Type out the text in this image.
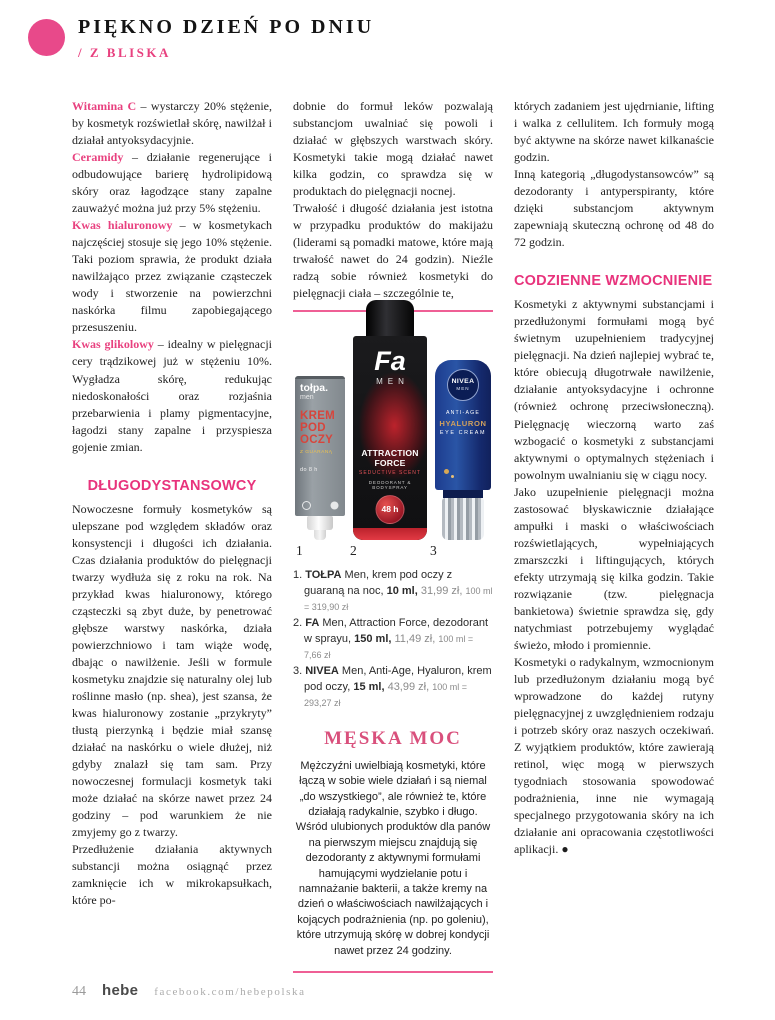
PIĘKNO DZIEŃ PO DNIU
/ Z BLISKA

Witamina C – wystarczy 20% stężenie, by kosmetyk rozświetlał skórę, nawilżał i działał antyoksydacyjnie.

Ceramidy – działanie regenerujące i odbudowujące barierę hydrolipidową skóry oraz łagodzące stany zapalne zauważyć można już przy 5% stężeniu.

Kwas hialuronowy – w kosmetykach najczęściej stosuje się jego 10% stężenie. Taki poziom sprawia, że produkt działa nawilżająco przez związanie cząsteczek wody i stworzenie na powierzchni naskórka filmu zapobiegającego przesuszeniu.

Kwas glikolowy – idealny w pielęgnacji cery trądzikowej już w stężeniu 10%. Wygładza skórę, redukując niedoskonałości oraz rozjaśnia przebarwienia i plamy pigmentacyjne, łagodzi stany zapalne i przyspiesza gojenie zmian.

DŁUGODYSTANSOWCY

Nowoczesne formuły kosmetyków są ulepszane pod względem składów oraz konsystencji i długości ich działania. Czas działania produktów do pielęgnacji twarzy wydłuża się z roku na rok. Na przykład kwas hialuronowy, którego cząsteczki są zbyt duże, by penetrować głębsze warstwy naskórka, działa powierzchniowo i tam wiąże wodę, dbając o nawilżenie. Jeśli w formule kosmetyku znajdzie się naturalny olej lub roślinne masło (np. shea), jest szansa, że kwas hialuronowy zostanie „przykryty” tłustą pierzynką i będzie miał szansę działać na naskórku o wiele dłużej, niż gdyby znalazł się tam sam. Przy nowoczesnej formulacji kosmetyk taki może działać na skórze nawet przez 24 godziny – pod warunkiem że nie zmyjemy go z twarzy.

Przedłużenie działania aktywnych substancji można osiągnąć przez zamknięcie ich w mikrokapsułkach, które po-

dobnie do formuł leków pozwalają substancjom uwalniać się powoli i działać w głębszych warstwach skóry. Kosmetyki takie mogą działać nawet kilka godzin, co sprawdza się w produktach do pielęgnacji nocnej.

Trwałość i długość działania jest istotna w przypadku produktów do makijażu (liderami są pomadki matowe, które mają trwałość nawet do 24 godzin). Nieźle radzą sobie również kosmetyki do pielęgnacji ciała – szczególnie te,

tołpa.
men
KREM
POD
OCZY
Z GUARANĄ
do 8 h
Fa
MEN
ATTRACTION FORCE
SEDUCTIVE SCENT
DEODORANT & BODYSPRAY
48 h
NIVEA
MEN
ANTI-AGE
HYALURON
EYE CREAM
1	2	3
1. TOŁPA Men, krem pod oczy z guaraną na noc, 10 ml, 31,99 zł, 100 ml = 319,90 zł
2. FA Men, Attraction Force, dezodorant w sprayu, 150 ml, 11,49 zł, 100 ml = 7,66 zł
3. NIVEA Men, Anti-Age, Hyaluron, krem pod oczy, 15 ml, 43,99 zł, 100 ml = 293,27 zł
MĘSKA MOC

Mężczyźni uwielbiają kosmetyki, które łączą w sobie wiele działań i są niemal „do wszystkiego”, ale również te, które działają radykalnie, szybko i długo. Wśród ulubionych produktów dla panów na pierwszym miejscu znajdują się dezodoranty z aktywnymi formułami hamującymi wydzielanie potu i namnażanie bakterii, a także kremy na dzień o właściwościach nawilżających i kojących podrażnienia (np. po goleniu), które utrzymują skórę w dobrej kondycji nawet przez 24 godziny.

których zadaniem jest ujędrnianie, lifting i walka z cellulitem. Ich formuły mogą być aktywne na skórze nawet kilkanaście godzin.

Inną kategorią „długodystansowców” są dezodoranty i antyperspiranty, które dzięki substancjom aktywnym zapewniają skuteczną ochronę od 48 do 72 godzin.

CODZIENNE WZMOCNIENIE

Kosmetyki z aktywnymi substancjami i przedłużonymi formułami mogą być świetnym uzupełnieniem tradycyjnej pielęgnacji. Na dzień najlepiej wybrać te, które obiecują długotrwałe nawilżenie, działanie antyoksydacyjne i ochronne (również ochronę przeciwsłoneczną). Pielęgnację wieczorną warto zaś wzbogacić o kosmetyki z substancjami aktywnymi o optymalnych stężeniach i powolnym uwalnianiu się w ciągu nocy.

Jako uzupełnienie pielęgnacji można zastosować błyskawicznie działające ampułki i maski o właściwościach rozświetlających, wypełniających zmarszczki i liftingujących, których efekty utrzymają się kilka godzin. Takie rozwiązanie (tzw. pielęgnacja bankietowa) świetnie sprawdza się, gdy natychmiast potrzebujemy wyglądać świeżo, młodo i promiennie.

Kosmetyki o radykalnym, wzmocnionym lub przedłużonym działaniu mogą być wprowadzone do każdej rutyny pielęgnacyjnej z uwzględnieniem rodzaju i potrzeb skóry oraz naszych oczekiwań. Z wyjątkiem produktów, które zawierają retinol, więc mogą w pierwszych tygodniach stosowania spowodować podrażnienia, inne nie wymagają specjalnego przygotowania skóry na ich działanie ani opracowania częstotliwości aplikacji. ●

44 hebe facebook.com/hebepolska
